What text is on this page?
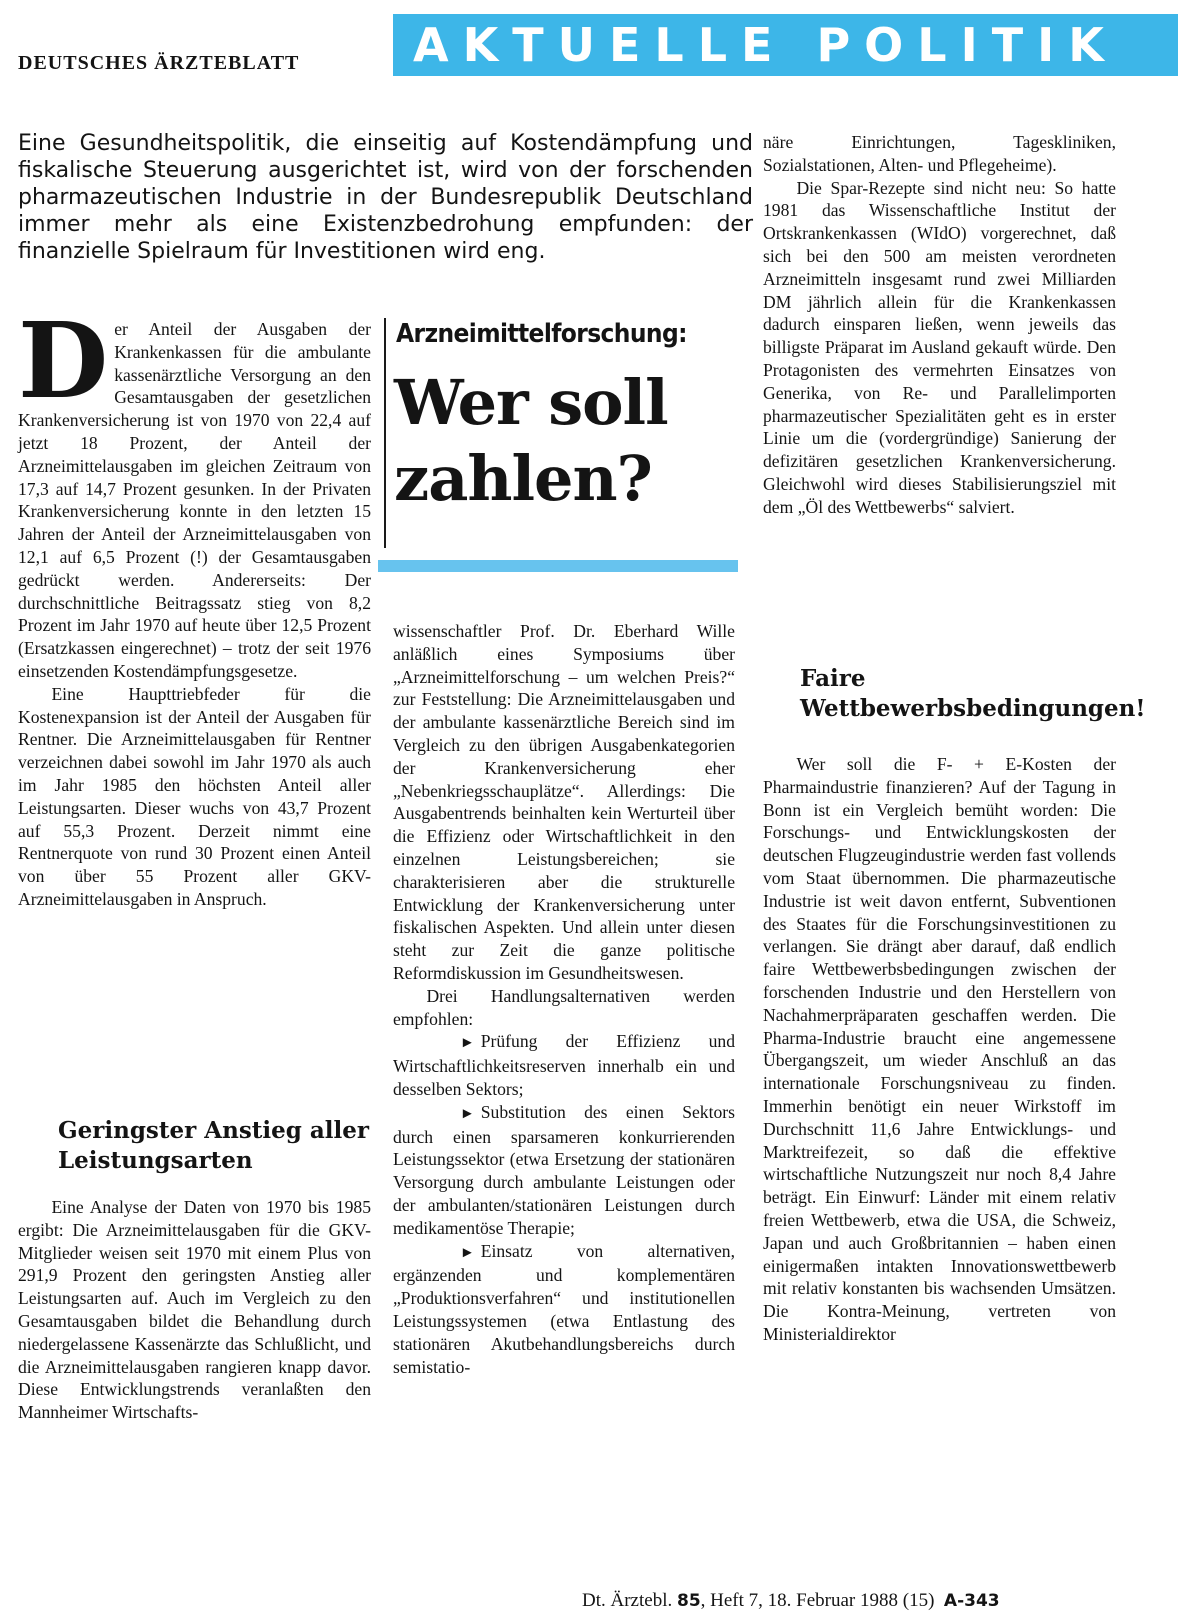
DEUTSCHES ÄRZTEBLATT	AKTUELLE POLITIK
Eine Gesundheitspolitik, die einseitig auf Kostendämpfung und fiskalische Steuerung ausgerichtet ist, wird von der forschenden pharmazeutischen Industrie in der Bundesrepublik Deutschland immer mehr als eine Existenzbedrohung empfunden: der finanzielle Spielraum für Investitionen wird eng.

Der Anteil der Ausgaben der Krankenkassen für die ambulante kassenärztliche Versorgung an den Gesamtausgaben der gesetzlichen Krankenversicherung ist von 1970 von 22,4 auf jetzt 18 Prozent, der Anteil der Arzneimittelausgaben im gleichen Zeitraum von 17,3 auf 14,7 Prozent gesunken. In der Privaten Krankenversicherung konnte in den letzten 15 Jahren der Anteil der Arzneimittelausgaben von 12,1 auf 6,5 Prozent (!) der Gesamtausgaben gedrückt werden. Andererseits: Der durchschnittliche Beitragssatz stieg von 8,2 Prozent im Jahr 1970 auf heute über 12,5 Prozent (Ersatzkassen eingerechnet) – trotz der seit 1976 einsetzenden Kostendämpfungsgesetze.

Eine Haupttriebfeder für die Kostenexpansion ist der Anteil der Ausgaben für Rentner. Die Arzneimittelausgaben für Rentner verzeichnen dabei sowohl im Jahr 1970 als auch im Jahr 1985 den höchsten Anteil aller Leistungsarten. Dieser wuchs von 43,7 Prozent auf 55,3 Prozent. Derzeit nimmt eine Rentnerquote von rund 30 Prozent einen Anteil von über 55 Prozent aller GKV-Arzneimittelausgaben in Anspruch.

Geringster Anstieg aller Leistungsarten

Eine Analyse der Daten von 1970 bis 1985 ergibt: Die Arzneimittelausgaben für die GKV-Mitglieder weisen seit 1970 mit einem Plus von 291,9 Prozent den geringsten Anstieg aller Leistungsarten auf. Auch im Vergleich zu den Gesamtausgaben bildet die Behandlung durch niedergelassene Kassenärzte das Schlußlicht, und die Arzneimittelausgaben rangieren knapp davor. Diese Entwicklungstrends veranlaßten den Mannheimer Wirtschafts-

Arzneimittelforschung:
Wer soll zahlen?

wissenschaftler Prof. Dr. Eberhard Wille anläßlich eines Symposiums über „Arzneimittelforschung – um welchen Preis?“ zur Feststellung: Die Arzneimittelausgaben und der ambulante kassenärztliche Bereich sind im Vergleich zu den übrigen Ausgabenkategorien der Krankenversicherung eher „Nebenkriegsschauplätze“. Allerdings: Die Ausgabentrends beinhalten kein Werturteil über die Effizienz oder Wirtschaftlichkeit in den einzelnen Leistungsbereichen; sie charakterisieren aber die strukturelle Entwicklung der Krankenversicherung unter fiskalischen Aspekten. Und allein unter diesen steht zur Zeit die ganze politische Reformdiskussion im Gesundheitswesen.

Drei Handlungsalternativen werden empfohlen:

► Prüfung der Effizienz und Wirtschaftlichkeitsreserven innerhalb ein und desselben Sektors;

► Substitution des einen Sektors durch einen sparsameren konkurrierenden Leistungssektor (etwa Ersetzung der stationären Versorgung durch ambulante Leistungen oder der ambulanten/stationären Leistungen durch medikamentöse Therapie;

► Einsatz von alternativen, ergänzenden und komplementären „Produktionsverfahren“ und institutionellen Leistungssystemen (etwa Entlastung des stationären Akutbehandlungsbereichs durch semistatio-

näre Einrichtungen, Tageskliniken, Sozialstationen, Alten- und Pflegeheime).

Die Spar-Rezepte sind nicht neu: So hatte 1981 das Wissenschaftliche Institut der Ortskrankenkassen (WIdO) vorgerechnet, daß sich bei den 500 am meisten verordneten Arzneimitteln insgesamt rund zwei Milliarden DM jährlich allein für die Krankenkassen dadurch einsparen ließen, wenn jeweils das billigste Präparat im Ausland gekauft würde. Den Protagonisten des vermehrten Einsatzes von Generika, von Re- und Parallelimporten pharmazeutischer Spezialitäten geht es in erster Linie um die (vordergründige) Sanierung der defizitären gesetzlichen Krankenversicherung. Gleichwohl wird dieses Stabilisierungsziel mit dem „Öl des Wettbewerbs“ salviert.

Faire Wettbewerbsbedingungen!

Wer soll die F- + E-Kosten der Pharmaindustrie finanzieren? Auf der Tagung in Bonn ist ein Vergleich bemüht worden: Die Forschungs- und Entwicklungskosten der deutschen Flugzeugindustrie werden fast vollends vom Staat übernommen. Die pharmazeutische Industrie ist weit davon entfernt, Subventionen des Staates für die Forschungsinvestitionen zu verlangen. Sie drängt aber darauf, daß endlich faire Wettbewerbsbedingungen zwischen der forschenden Industrie und den Herstellern von Nachahmerpräparaten geschaffen werden. Die Pharma-Industrie braucht eine angemessene Übergangszeit, um wieder Anschluß an das internationale Forschungsniveau zu finden. Immerhin benötigt ein neuer Wirkstoff im Durchschnitt 11,6 Jahre Entwicklungs- und Marktreifezeit, so daß die effektive wirtschaftliche Nutzungszeit nur noch 8,4 Jahre beträgt. Ein Einwurf: Länder mit einem relativ freien Wettbewerb, etwa die USA, die Schweiz, Japan und auch Großbritannien – haben einen einigermaßen intakten Innovationswettbewerb mit relativ konstanten bis wachsenden Umsätzen. Die Kontra-Meinung, vertreten von Ministerialdirektor

Dt. Ärztebl. 85, Heft 7, 18. Februar 1988 (15) A-343
